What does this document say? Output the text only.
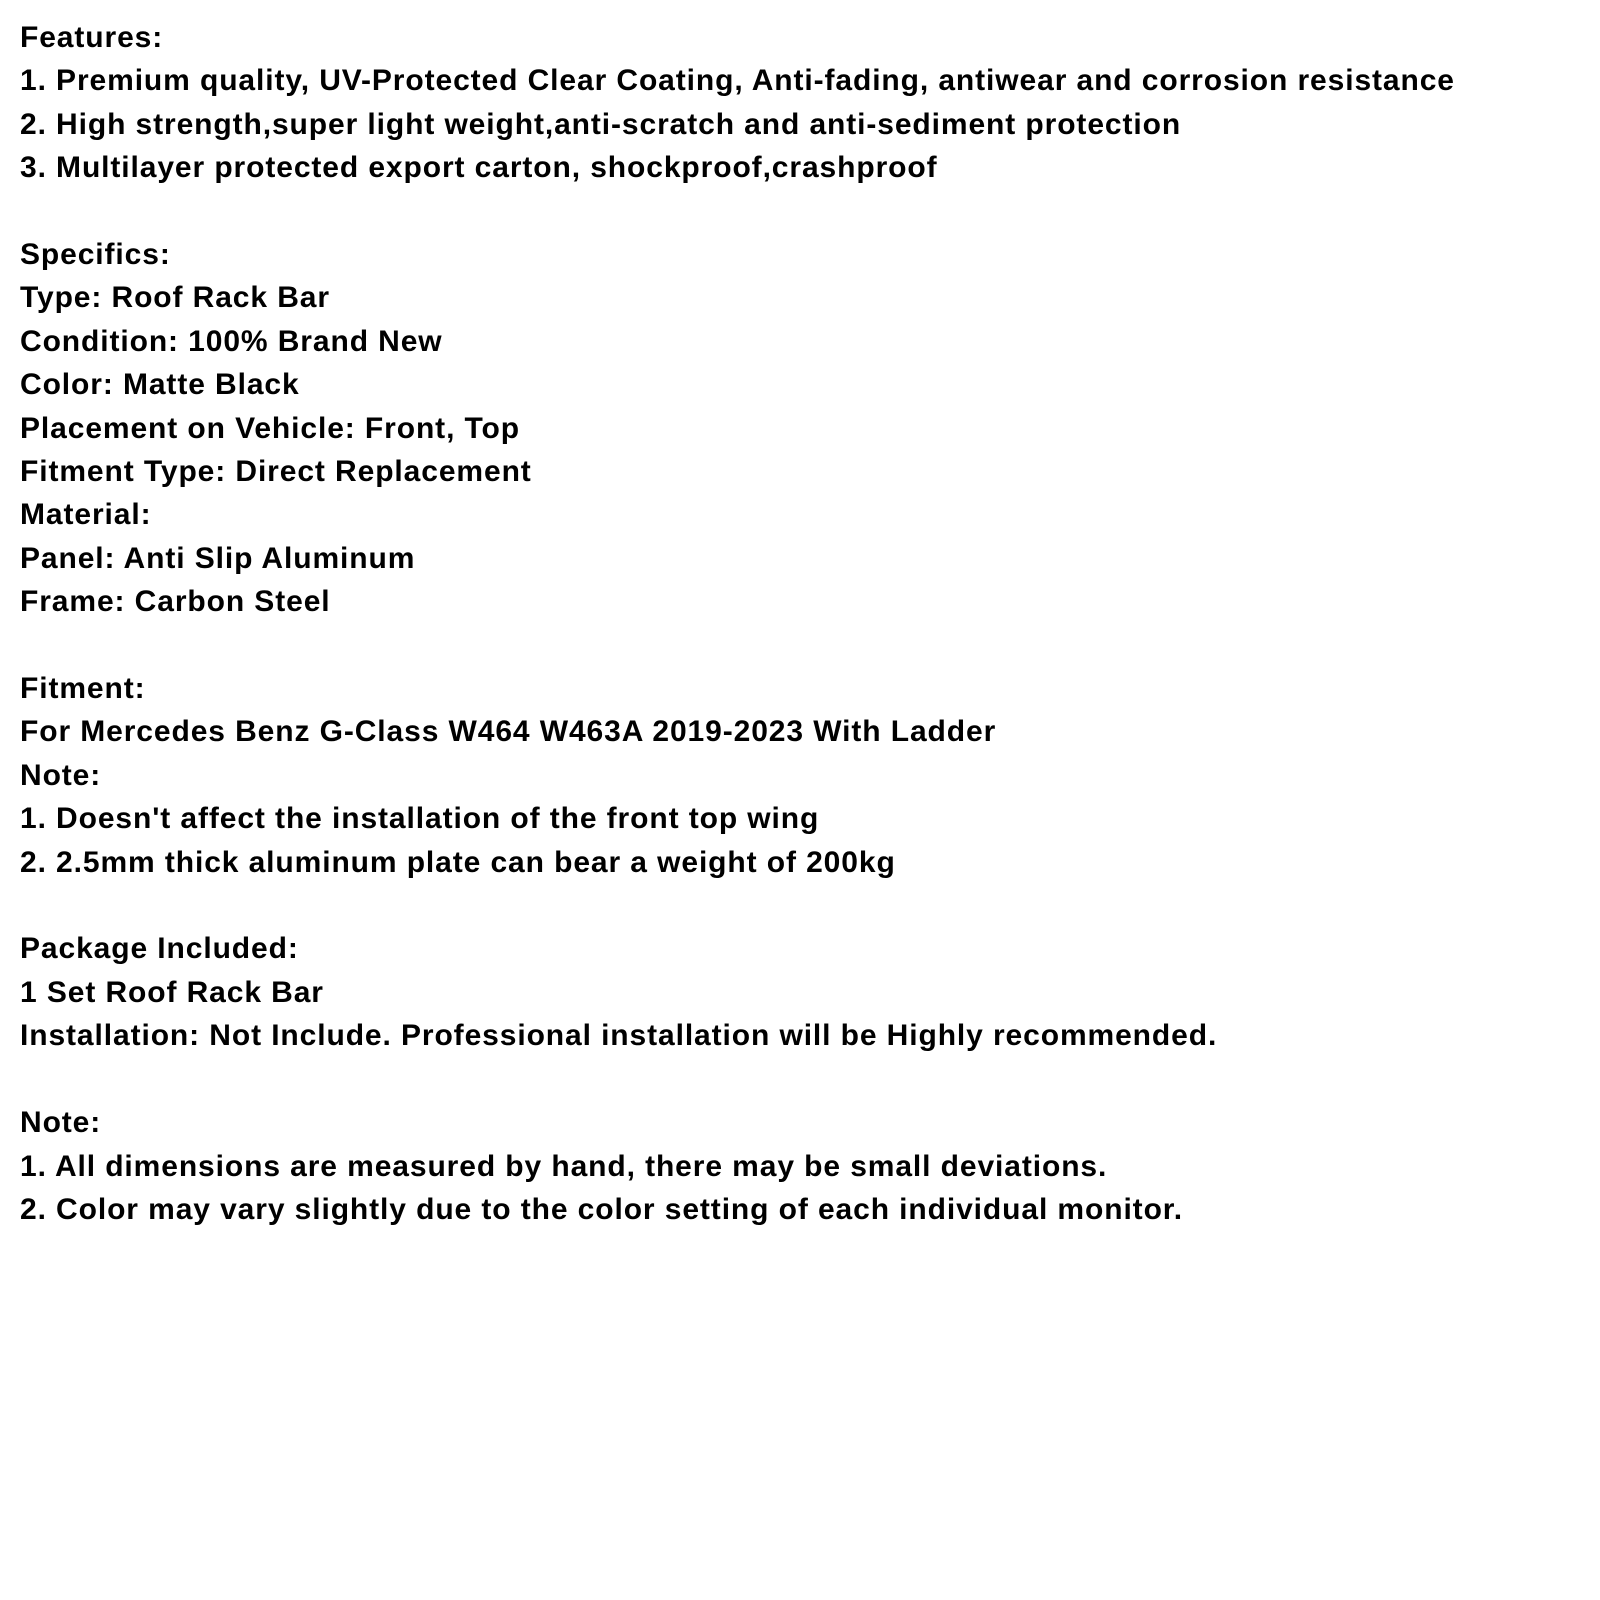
Features:
1. Premium quality, UV-Protected Clear Coating, Anti-fading, antiwear and corrosion resistance
2. High strength,super light weight,anti-scratch and anti-sediment protection
3. Multilayer protected export carton, shockproof,crashproof
Specifics:
Type: Roof Rack Bar
Condition: 100% Brand New
Color: Matte Black
Placement on Vehicle: Front, Top
Fitment Type: Direct Replacement
Material:
Panel: Anti Slip Aluminum
Frame: Carbon Steel
Fitment:
For Mercedes Benz G-Class W464 W463A 2019-2023 With Ladder
Note:
1. Doesn't affect the installation of the front top wing
2. 2.5mm thick aluminum plate can bear a weight of 200kg
Package Included:
1 Set Roof Rack Bar
Installation: Not Include. Professional installation will be Highly recommended.
Note:
1. All dimensions are measured by hand, there may be small deviations.
2. Color may vary slightly due to the color setting of each individual monitor.
